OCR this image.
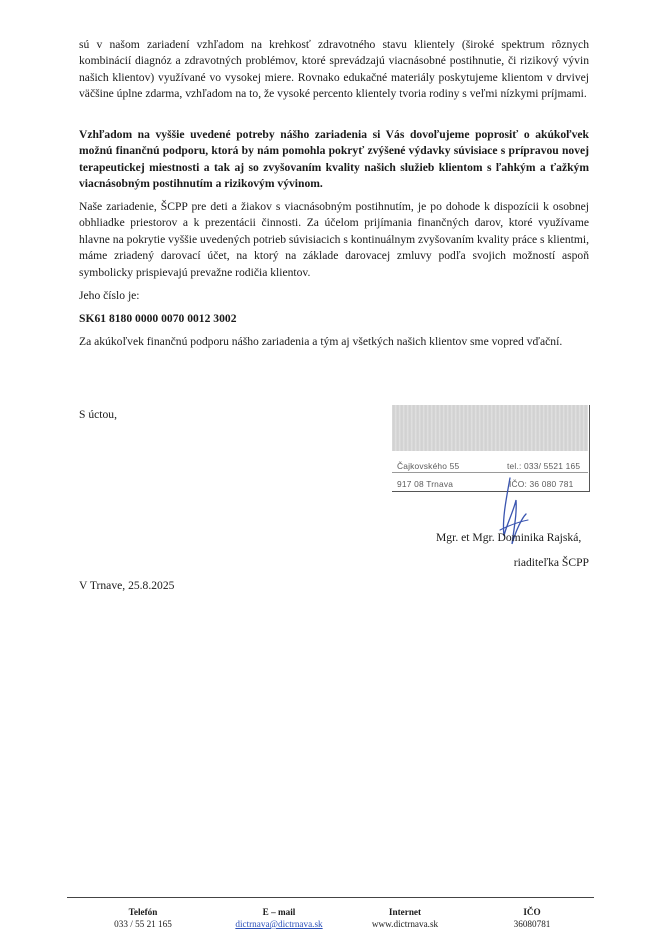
sú v našom zariadení vzhľadom na krehkosť zdravotného stavu klientely (široké spektrum rôznych kombinácií diagnóz a zdravotných problémov, ktoré sprevádzajú viacnásobné postihnutie, či rizikový vývin našich klientov) využívané vo vysokej miere. Rovnako edukačné materiály poskytujeme klientom v drvivej väčšine úplne zdarma, vzhľadom na to, že vysoké percento klientely tvoria rodiny s veľmi nízkymi príjmami.

Vzhľadom na vyššie uvedené potreby nášho zariadenia si Vás dovoľujeme poprosiť o akúkoľvek možnú finančnú podporu, ktorá by nám pomohla pokryť zvýšené výdavky súvisiace s prípravou novej terapeutickej miestnosti a tak aj so zvyšovaním kvality našich služieb klientom s ľahkým a ťažkým viacnásobným postihnutím a rizikovým vývinom.

Naše zariadenie, ŠCPP pre deti a žiakov s viacnásobným postihnutím, je po dohode k dispozícii k osobnej obhliadke priestorov a k prezentácii činnosti. Za účelom prijímania finančných darov, ktoré využívame hlavne na pokrytie vyššie uvedených potrieb súvisiacich s kontinuálnym zvyšovaním kvality práce s klientmi, máme zriadený darovací účet, na ktorý na základe darovacej zmluvy podľa svojich možností aspoň symbolicky prispievajú prevažne rodičia klientov.

Jeho číslo je:

SK61 8180 0000 0070 0012 3002

Za akúkoľvek finančnú podporu nášho zariadenia a tým aj všetkých našich klientov sme vopred vďační.

S úctou,
Čajkovského 55	tel.: 033/ 5521 165
917 08 Trnava	IČO: 36 080 781
Mgr. et Mgr. Dominika Rajská,
riaditeľka ŠCPP
V Trnave, 25.8.2025
Telefón
033 / 55 21 165
E – mail
dictrnava@dictrnava.sk
Internet
www.dictrnava.sk
IČO
36080781
